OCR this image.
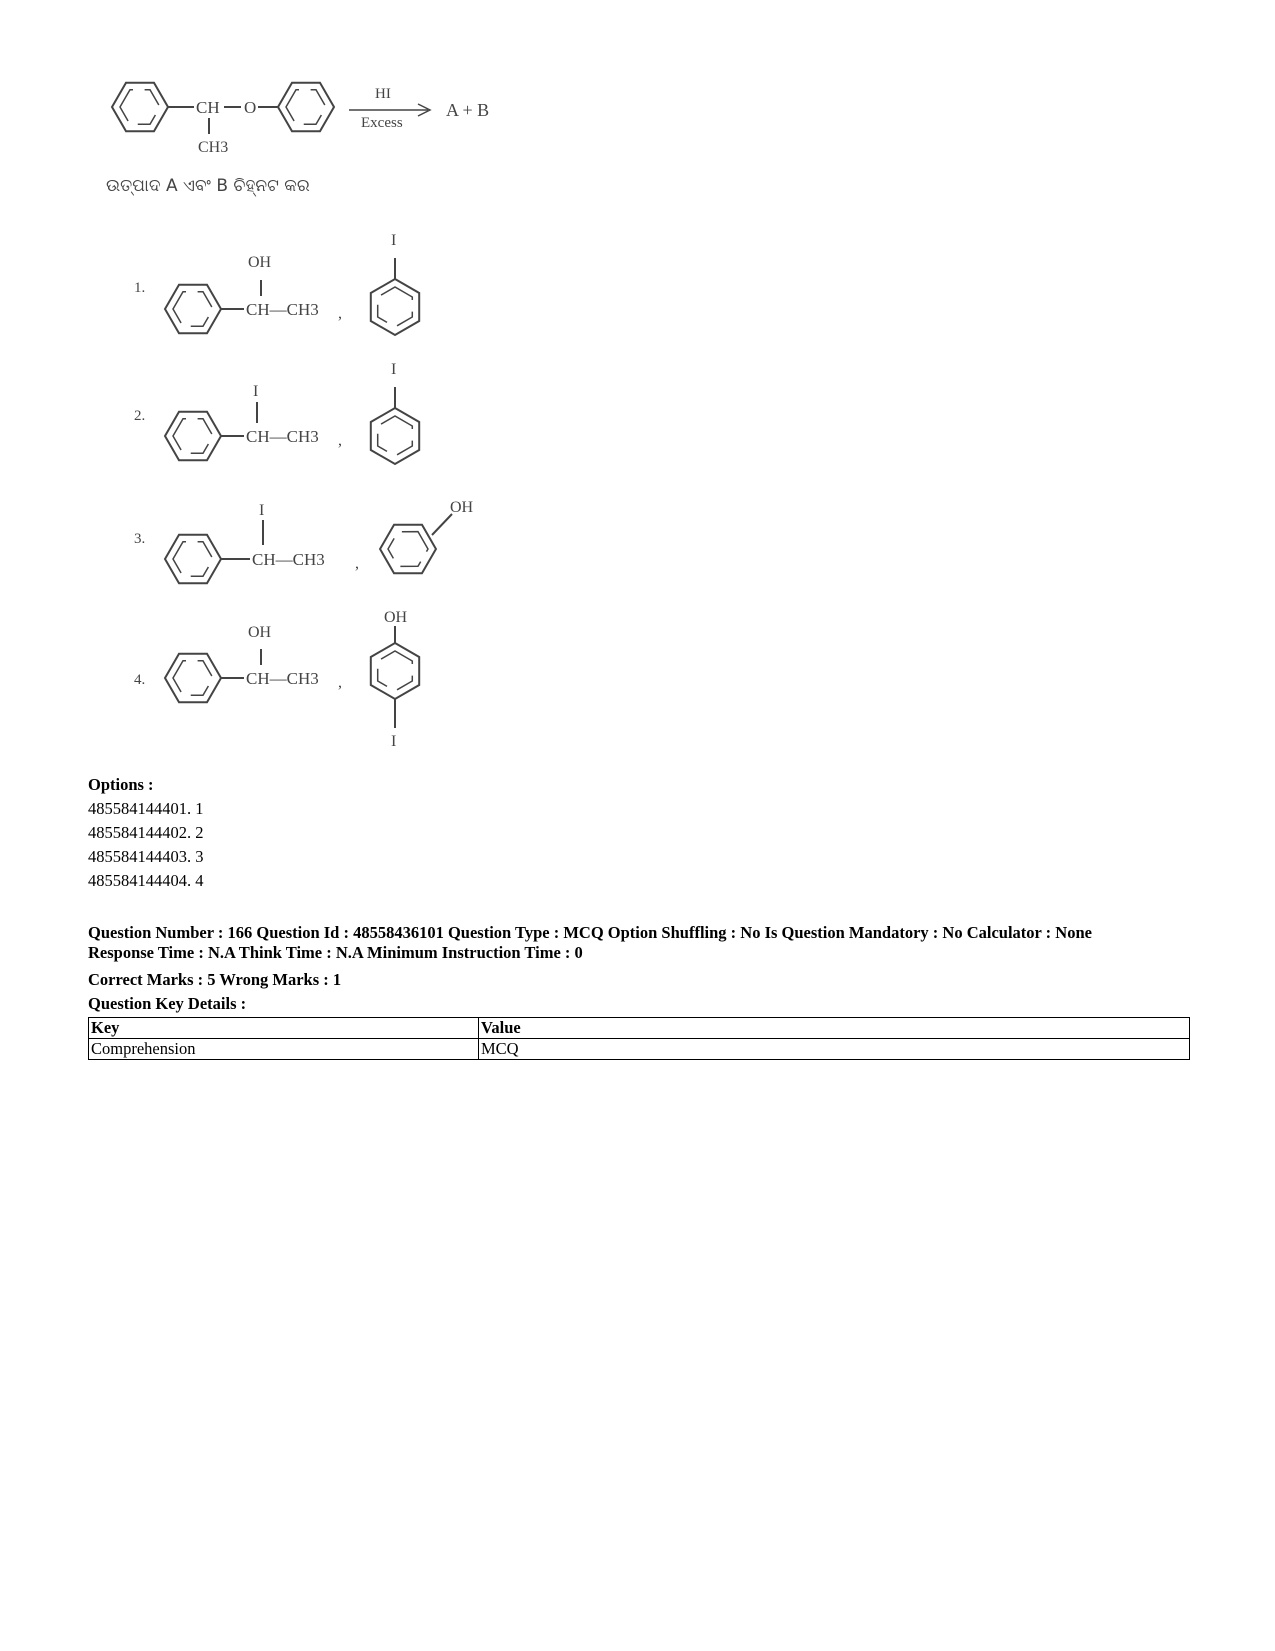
CH O
CH3
HI
Excess
A + B
1.
CH—CH3
OH
,
I
2.
CH—CH3
I
,
I
3.
CH—CH3
I
,
OH
4.	CH—CH3
OH
,
OH
I
ଉତ୍ପାଦ A ଏବଂ B ଚିହ୍ନଟ କର
Options :
485584144401. 1
485584144402. 2
485584144403. 3
485584144404. 4
Question Number : 166 Question Id : 48558436101 Question Type : MCQ Option Shuffling : No Is Question Mandatory : No Calculator : None
Response Time : N.A Think Time : N.A Minimum Instruction Time : 0
Correct Marks : 5 Wrong Marks : 1
Question Key Details :
Key	Value
Comprehension	MCQ
